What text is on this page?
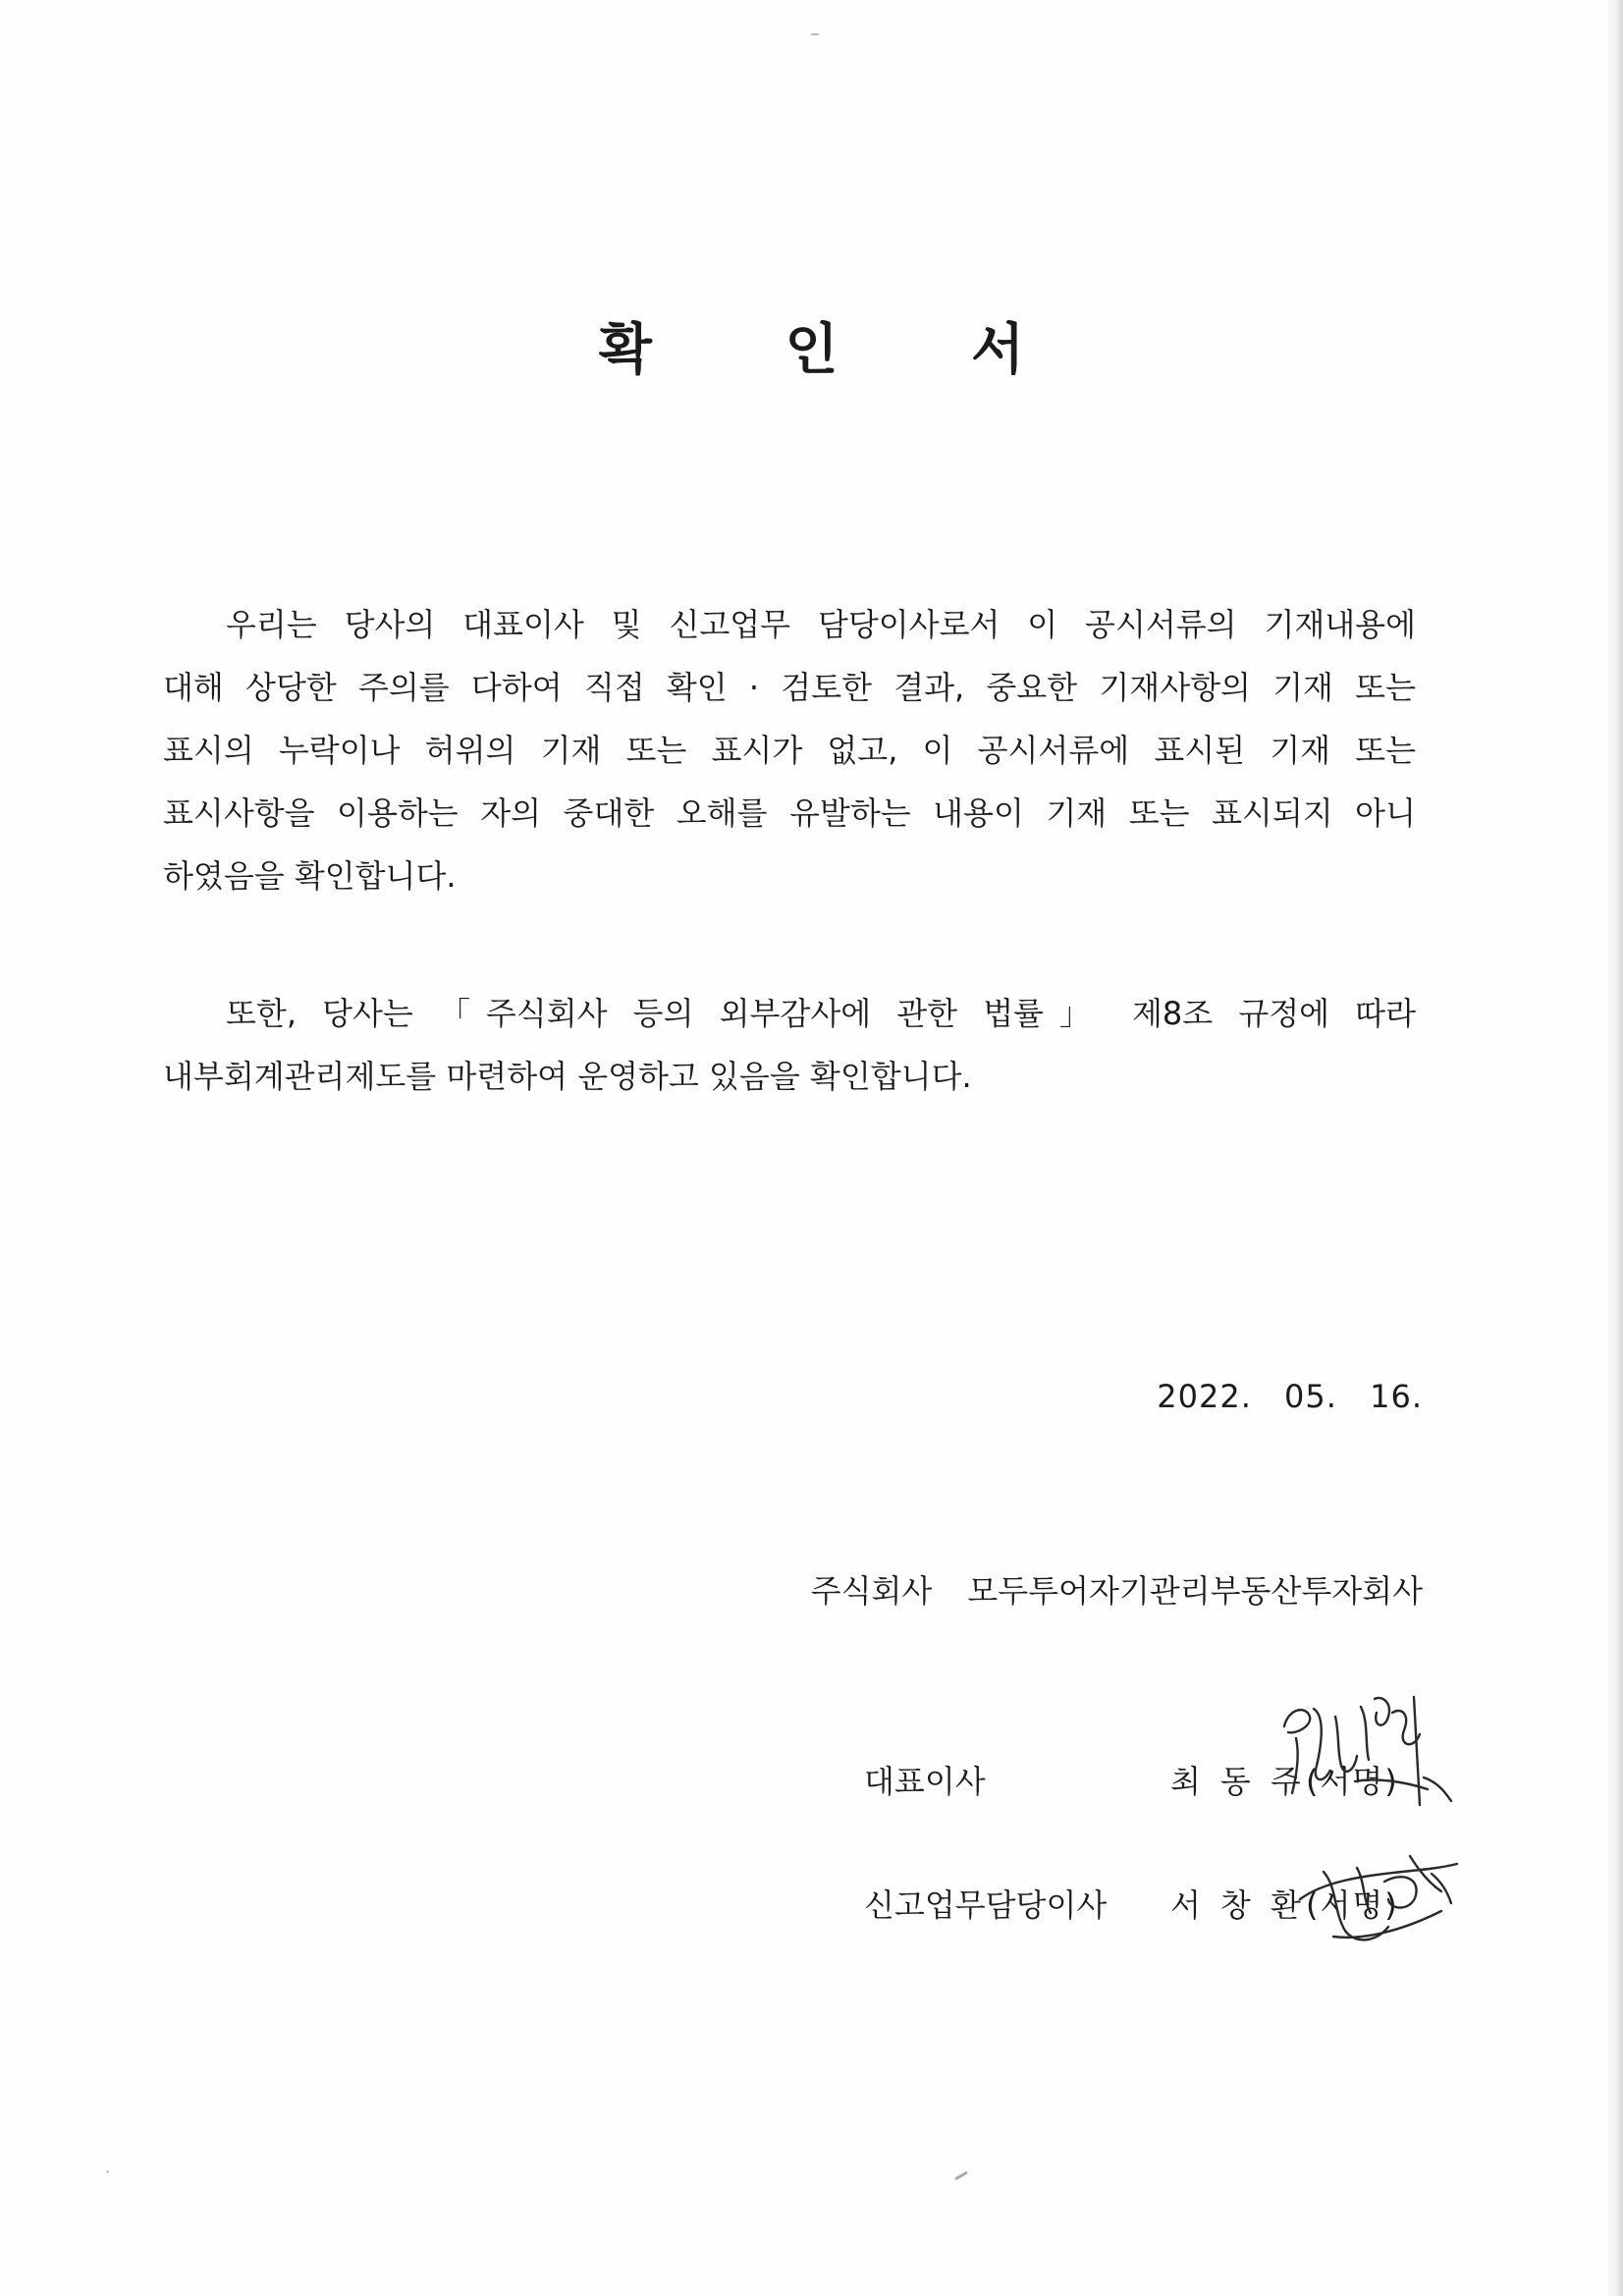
확 인 서
우리는 당사의 대표이사 및 신고업무 담당이사로서 이 공시서류의 기재내용에
대해 상당한 주의를 다하여 직접 확인 · 검토한 결과, 중요한 기재사항의 기재 또는
표시의 누락이나 허위의 기재 또는 표시가 없고, 이 공시서류에 표시된 기재 또는
표시사항을 이용하는 자의 중대한 오해를 유발하는 내용이 기재 또는 표시되지 아니
하였음을 확인합니다.
또한, 당사는 「주식회사 등의 외부감사에 관한 법률」 제8조 규정에 따라
내부회계관리제도를 마련하여 운영하고 있음을 확인합니다.
2022. 05. 16.
주식회사 모두투어자기관리부동산투자회사
대표이사	최동주
(서명)
신고업무담당이사 서창환
(서명)
